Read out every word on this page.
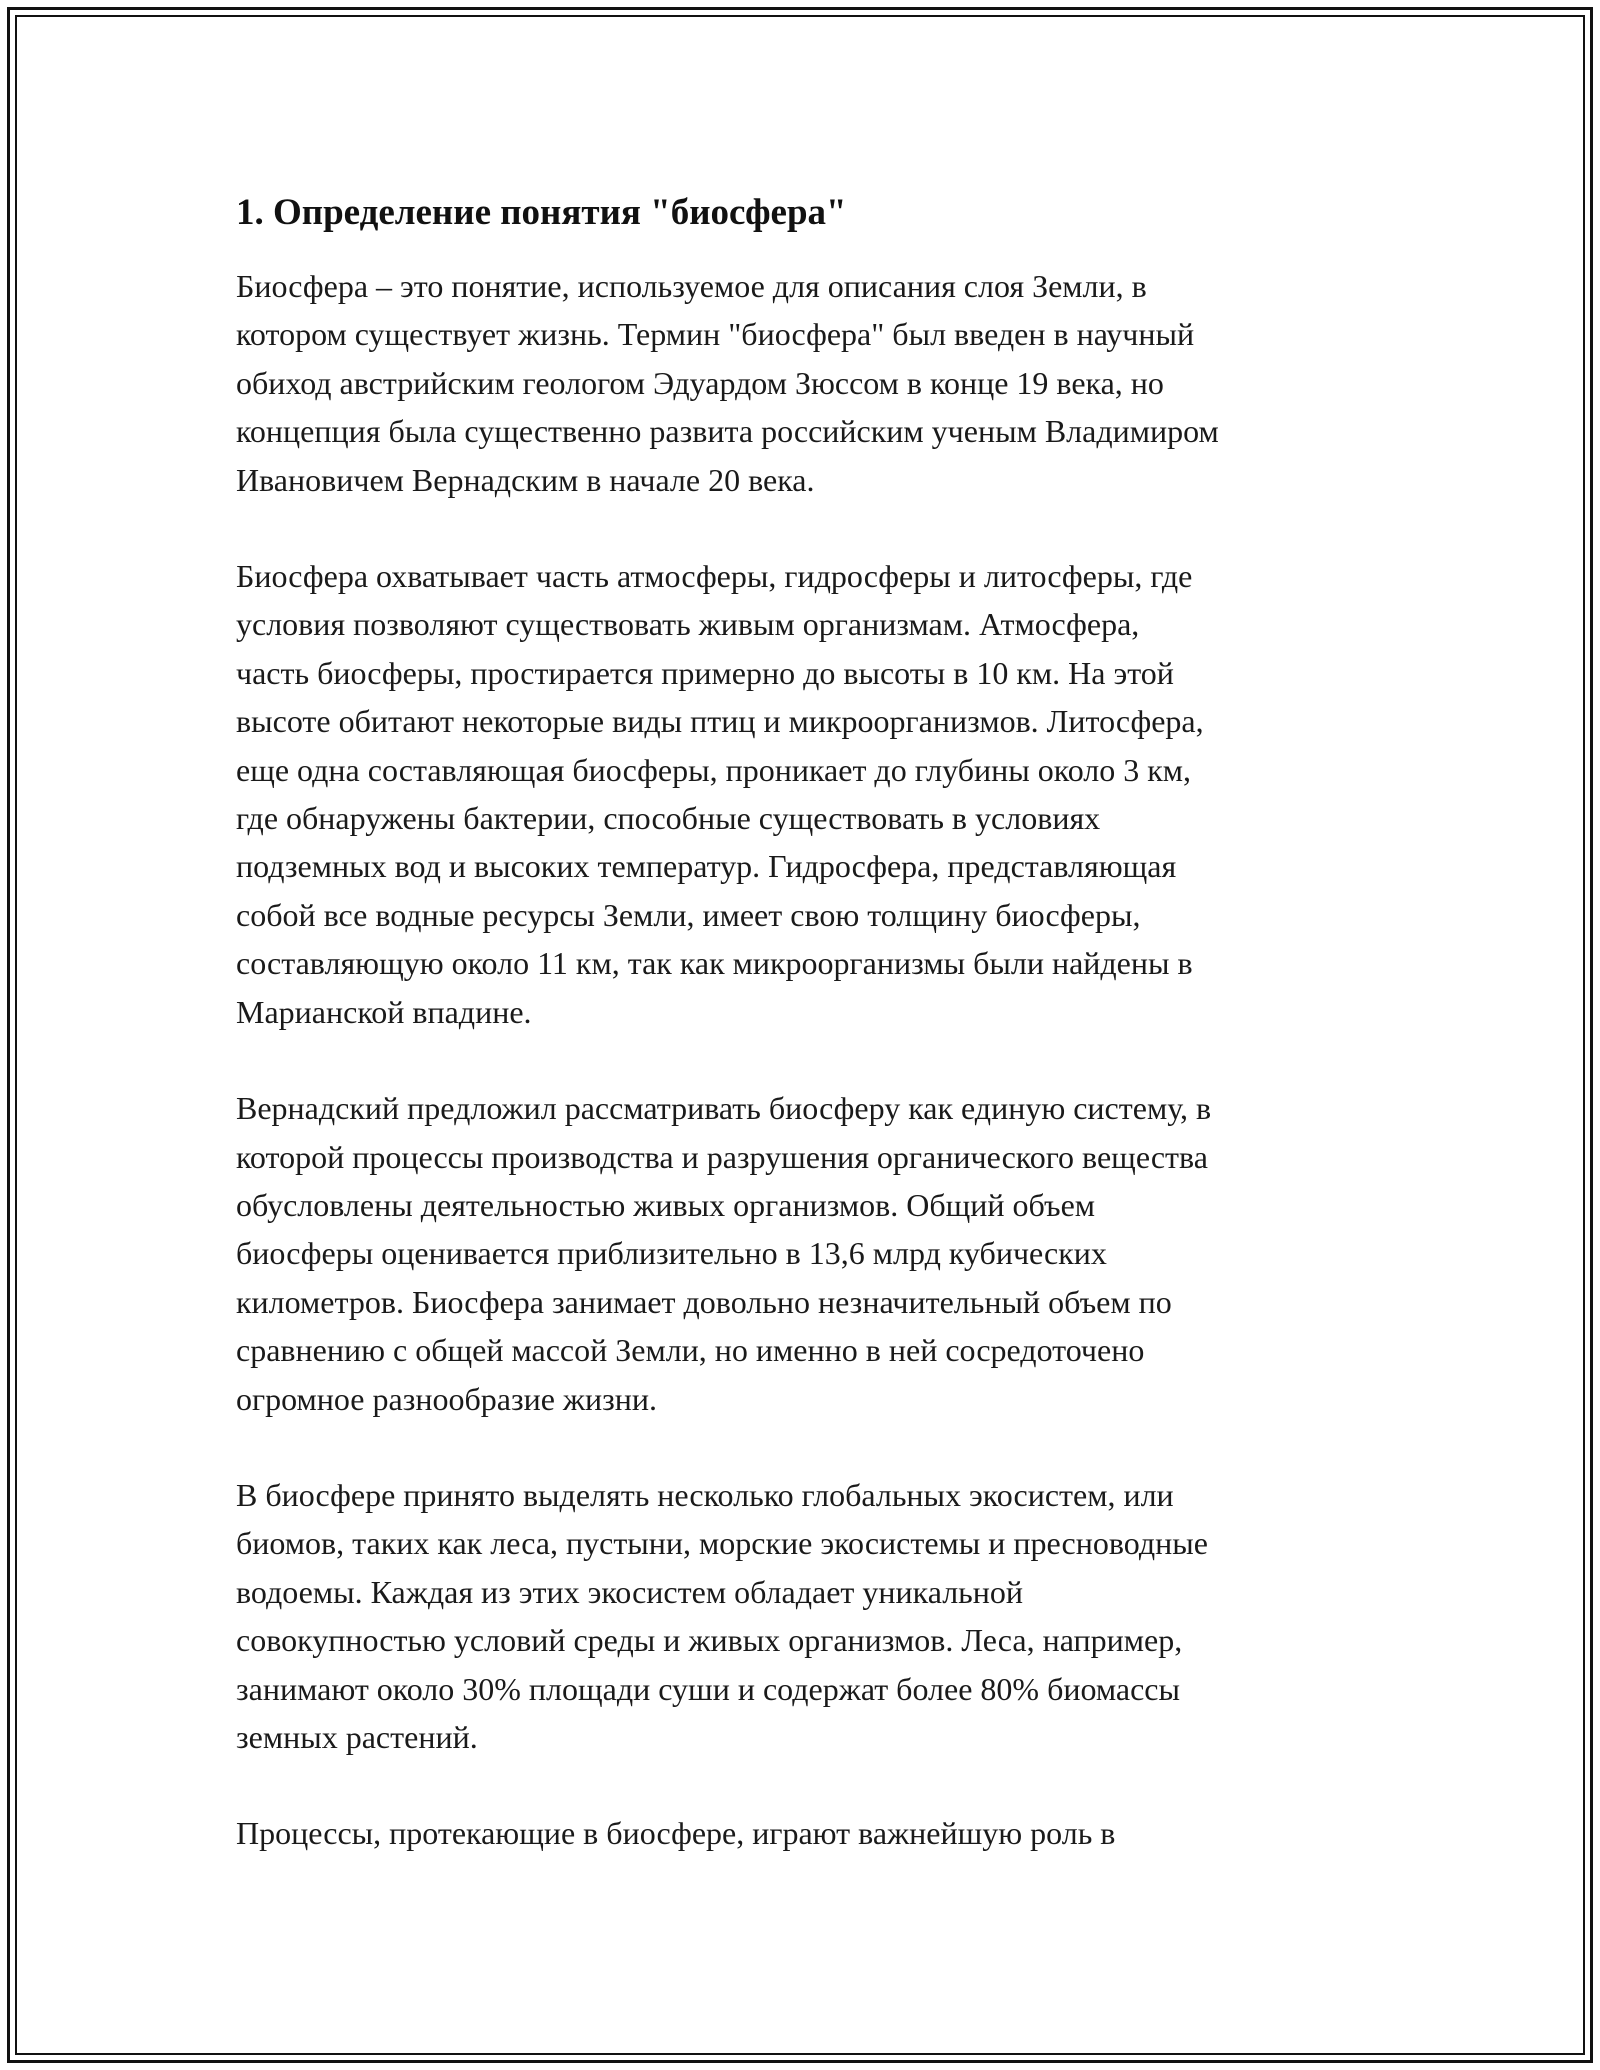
1. Определение понятия "биосфера"
Биосфера – это понятие, используемое для описания слоя Земли, в
котором существует жизнь. Термин "биосфера" был введен в научный
обиход австрийским геологом Эдуардом Зюссом в конце 19 века, но
концепция была существенно развита российским ученым Владимиром
Ивановичем Вернадским в начале 20 века.
Биосфера охватывает часть атмосферы, гидросферы и литосферы, где
условия позволяют существовать живым организмам. Атмосфера,
часть биосферы, простирается примерно до высоты в 10 км. На этой
высоте обитают некоторые виды птиц и микроорганизмов. Литосфера,
еще одна составляющая биосферы, проникает до глубины около 3 км,
где обнаружены бактерии, способные существовать в условиях
подземных вод и высоких температур. Гидросфера, представляющая
собой все водные ресурсы Земли, имеет свою толщину биосферы,
составляющую около 11 км, так как микроорганизмы были найдены в
Марианской впадине.
Вернадский предложил рассматривать биосферу как единую систему, в
которой процессы производства и разрушения органического вещества
обусловлены деятельностью живых организмов. Общий объем
биосферы оценивается приблизительно в 13,6 млрд кубических
километров. Биосфера занимает довольно незначительный объем по
сравнению с общей массой Земли, но именно в ней сосредоточено
огромное разнообразие жизни.
В биосфере принято выделять несколько глобальных экосистем, или
биомов, таких как леса, пустыни, морские экосистемы и пресноводные
водоемы. Каждая из этих экосистем обладает уникальной
совокупностью условий среды и живых организмов. Леса, например,
занимают около 30% площади суши и содержат более 80% биомассы
земных растений.
Процессы, протекающие в биосфере, играют важнейшую роль в
